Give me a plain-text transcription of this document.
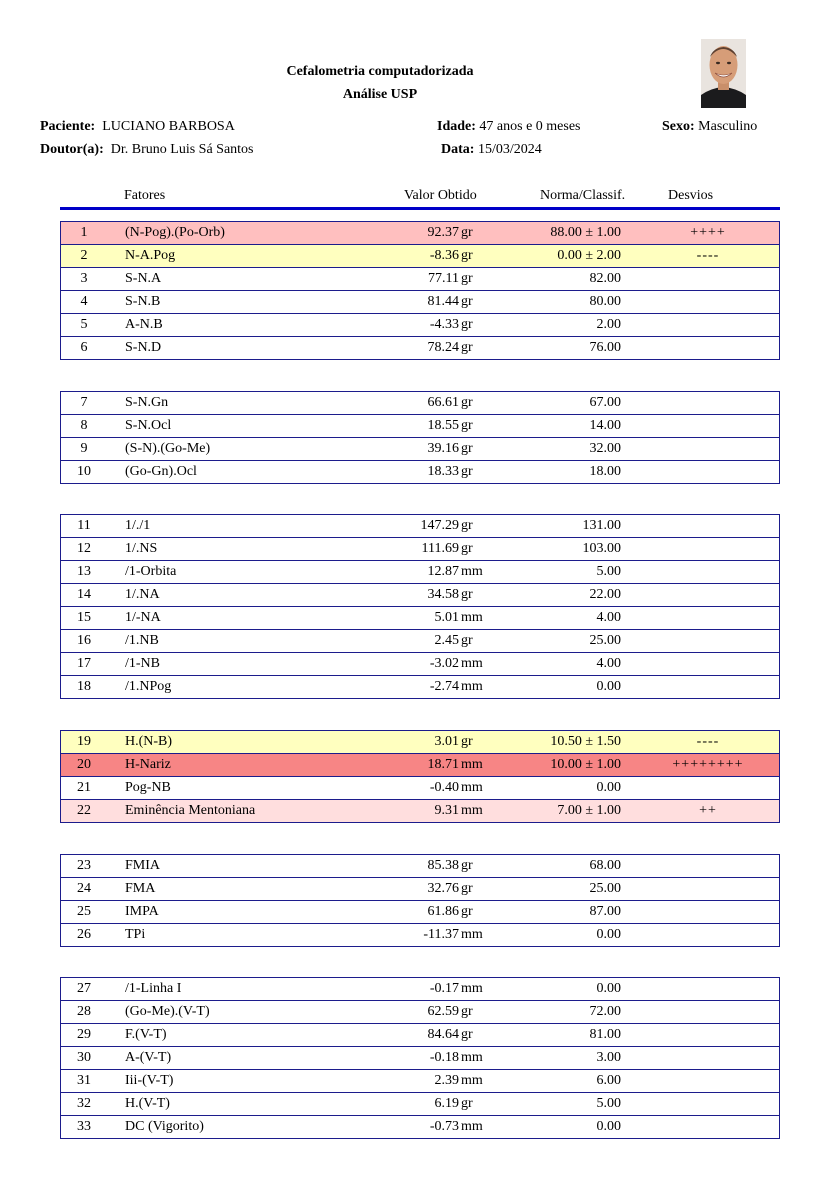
Cefalometria computadorizada
Análise USP
Paciente: LUCIANO BARBOSA	Idade: 47 anos e 0 meses	Sexo: Masculino
Doutor(a): Dr. Bruno Luis Sá Santos	Data: 15/03/2024
Fatores	Valor Obtido	Norma/Classif.	Desvios
1	(N-Pog).(Po-Orb)	92.37 gr	88.00 ± 1.00	++++
2	N-A.Pog	-8.36 gr	0.00 ± 2.00	----
3	S-N.A	77.11 gr	82.00
4	S-N.B	81.44 gr	80.00
5	A-N.B	-4.33 gr	2.00
6	S-N.D	78.24 gr	76.00
7	S-N.Gn	66.61 gr	67.00
8	S-N.Ocl	18.55 gr	14.00
9	(S-N).(Go-Me)	39.16 gr	32.00
10	(Go-Gn).Ocl	18.33 gr	18.00
11	1/./1	147.29 gr	131.00
12	1/.NS	111.69 gr	103.00
13	/1-Orbita	12.87 mm	5.00
14	1/.NA	34.58 gr	22.00
15	1/-NA	5.01 mm	4.00
16	/1.NB	2.45 gr	25.00
17	/1-NB	-3.02 mm	4.00
18	/1.NPog	-2.74 mm	0.00
19	H.(N-B)	3.01 gr	10.50 ± 1.50	----
20	H-Nariz	18.71 mm	10.00 ± 1.00	++++++++
21	Pog-NB	-0.40 mm	0.00
22	Eminência Mentoniana	9.31 mm	7.00 ± 1.00	++
23	FMIA	85.38 gr	68.00
24	FMA	32.76 gr	25.00
25	IMPA	61.86 gr	87.00
26	TPi	-11.37 mm	0.00
27	/1-Linha I	-0.17 mm	0.00
28	(Go-Me).(V-T)	62.59 gr	72.00
29	F.(V-T)	84.64 gr	81.00
30	A-(V-T)	-0.18 mm	3.00
31	Iii-(V-T)	2.39 mm	6.00
32	H.(V-T)	6.19 gr	5.00
33	DC (Vigorito)	-0.73 mm	0.00
